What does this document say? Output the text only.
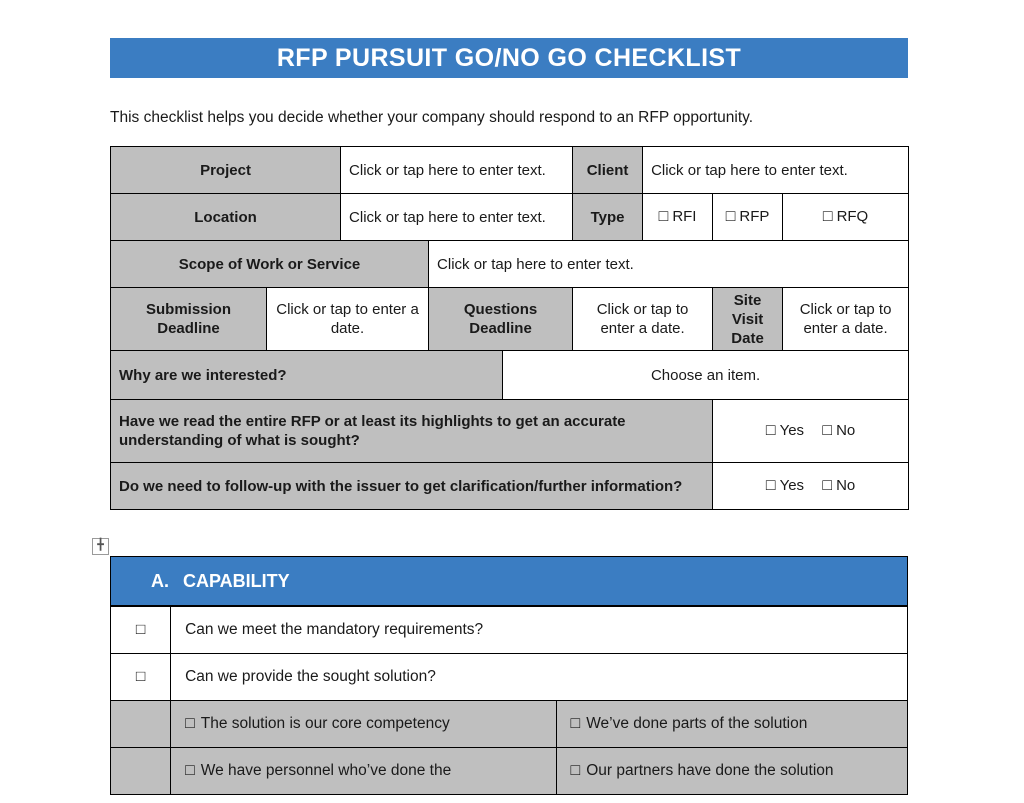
RFP PURSUIT GO/NO GO CHECKLIST
This checklist helps you decide whether your company should respond to an RFP opportunity.
Project		Click or tap here to enter text.			Client	Click or tap here to enter text.		
Location		Click or tap here to enter text.			Type	□RFI	□RFP	□RFQ
Scope of Work or Service			Click or tap here to enter text.					
Submission Deadline	Click or tap to enter a date.		Questions Deadline		Click or tap to enter a date.		Site Visit Date	Click or tap to enter a date.
Why are we interested?				Choose an item.				
Have we read the entire RFP or at least its highlights to get an accurate understanding of what is sought?	□ Yes □ No
Do we need to follow-up with the issuer to get clarification/further information?	□Yes □ No
A. CAPABILITY
□	Can we meet the mandatory requirements?	
□	Can we provide the sought solution?	
	□ The solution is our core competency	□We’ve done parts of the solution
	□ We have personnel who’ve done the	□Our partners have done the solution
╋
